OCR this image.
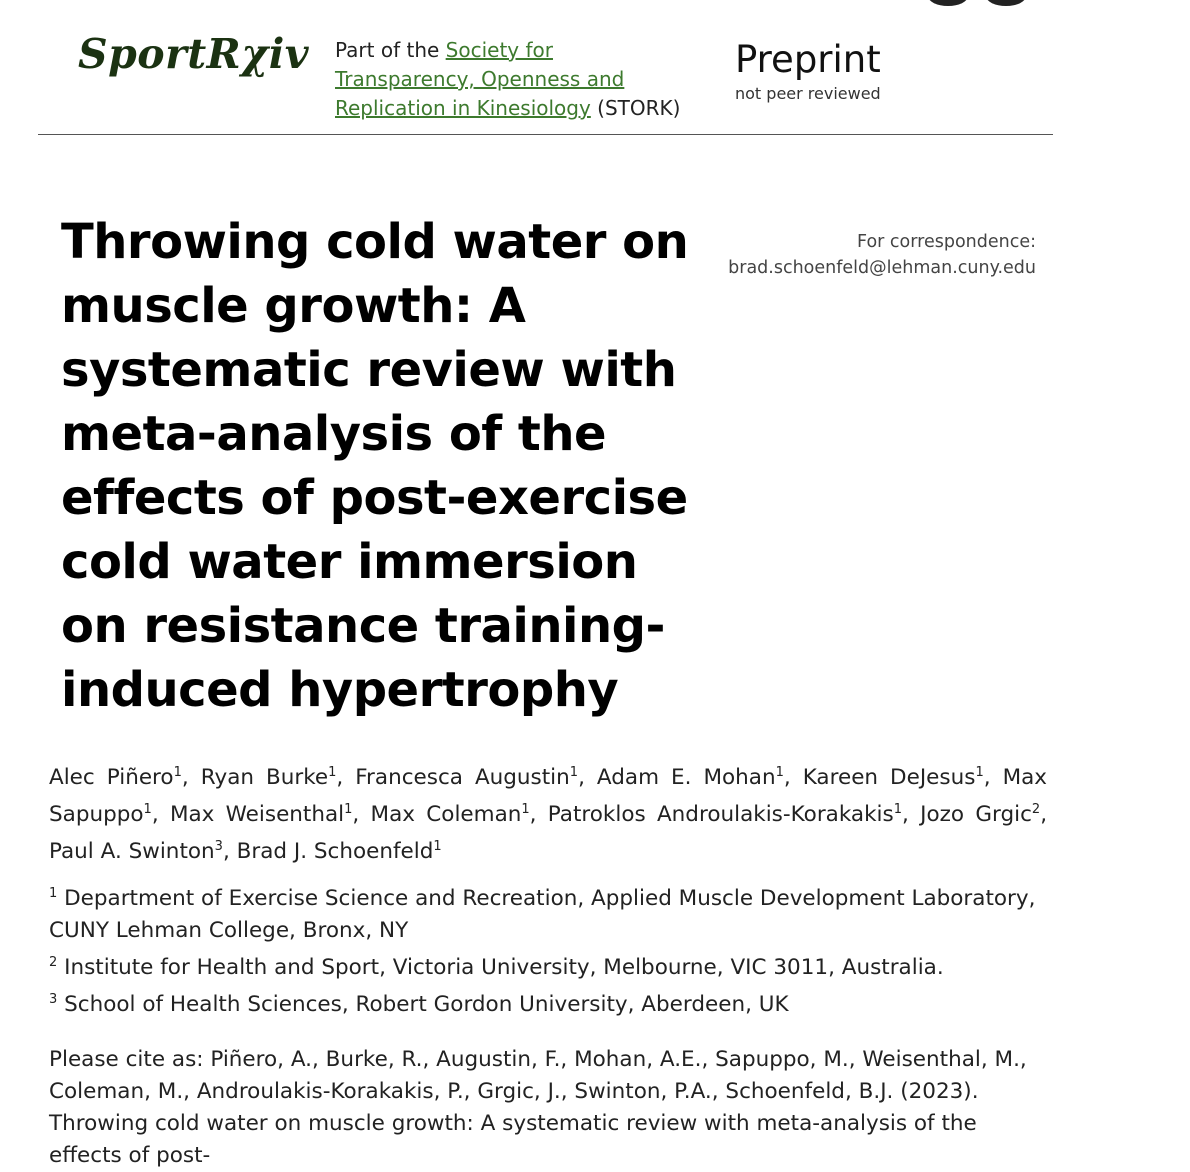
SportRχiv Part of the Society for Transparency, Openness and Replication in Kinesiology (STORK)
Preprint
not peer reviewed
Throwing cold water on muscle growth: A systematic review with meta-analysis of the effects of post-exercise cold water immersion on resistance training-induced hypertrophy
For correspondence:
brad.schoenfeld@lehman.cuny.edu
Alec Piñero$^1$, Ryan Burke$^1$, Francesca Augustin$^1$, Adam E. Mohan$^1$, Kareen DeJesus$^1$, Max Sapuppo$^1$, Max Weisenthal$^1$, Max Coleman$^1$, Patroklos Androulakis-Korakakis$^1$, Jozo Grgic$^2$, Paul A. Swinton$^3$, Brad J. Schoenfeld$^1$
$^1$ Department of Exercise Science and Recreation, Applied Muscle Development Laboratory, CUNY Lehman College, Bronx, NY
$^2$ Institute for Health and Sport, Victoria University, Melbourne, VIC 3011, Australia.
$^3$ School of Health Sciences, Robert Gordon University, Aberdeen, UK
Please cite as: Piñero, A., Burke, R., Augustin, F., Mohan, A.E., Sapuppo, M., Weisenthal, M., Coleman, M., Androulakis-Korakakis, P., Grgic, J., Swinton, P.A., Schoenfeld, B.J. (2023). Throwing cold water on muscle growth: A systematic review with meta-analysis of the effects of post-
